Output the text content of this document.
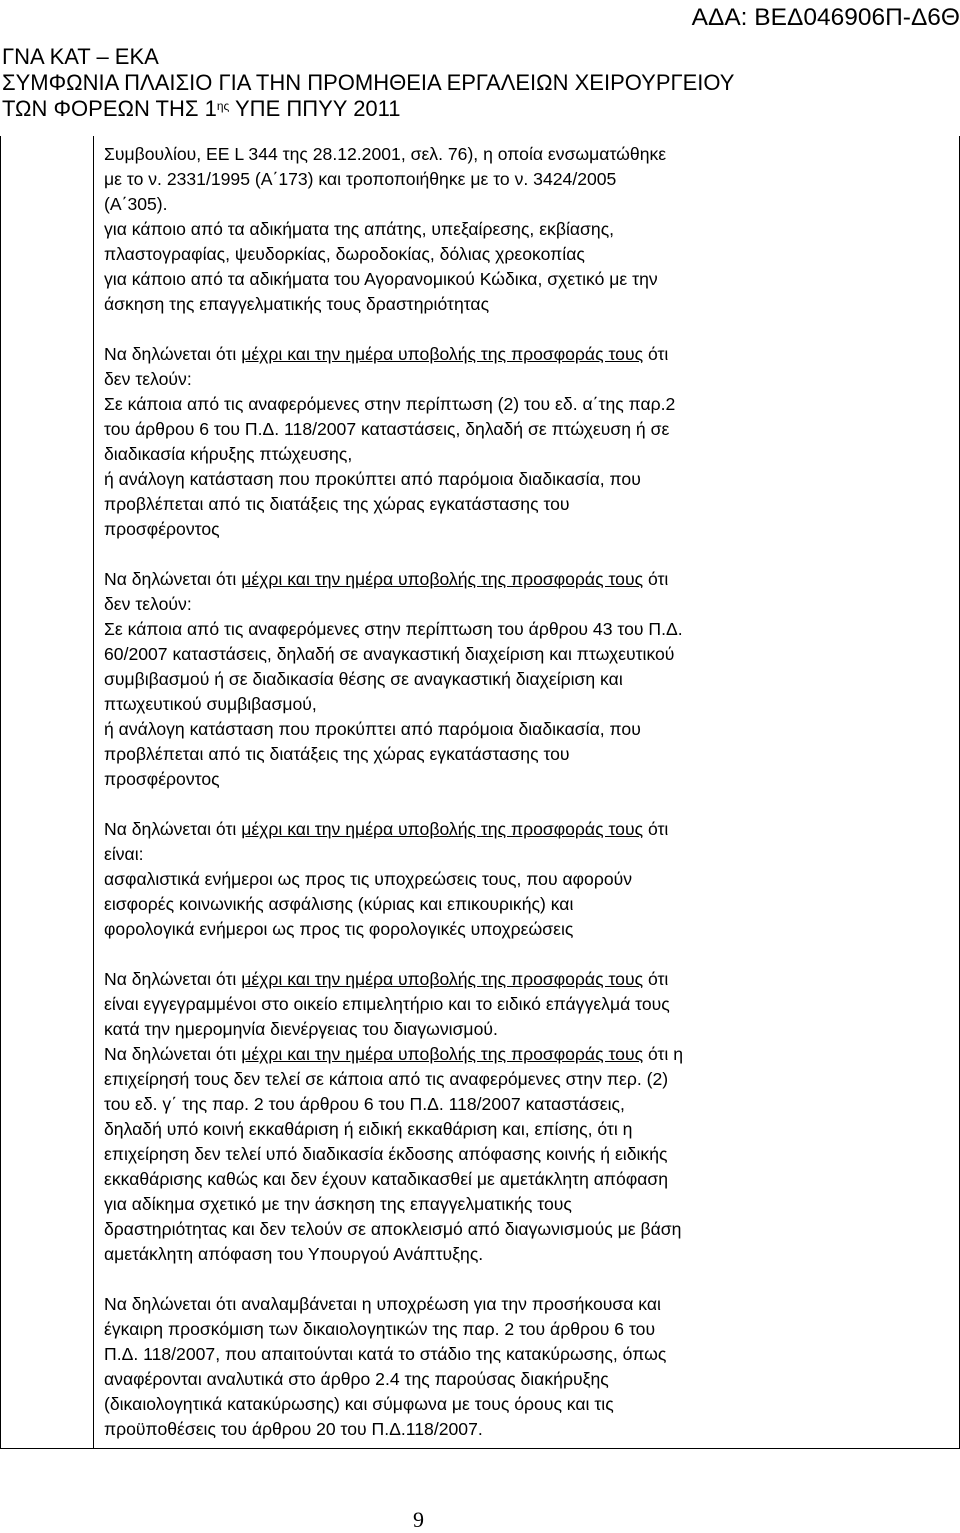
ΑΔΑ: ΒΕΔ046906Π-Δ6Θ
ΓΝΑ ΚΑΤ – ΕΚΑ
ΣΥΜΦΩΝΙΑ ΠΛΑΙΣΙΟ ΓΙΑ ΤΗΝ ΠΡΟΜΗΘΕΙΑ ΕΡΓΑΛΕΙΩΝ ΧΕΙΡΟΥΡΓΕΙΟΥ
ΤΩΝ ΦΟΡΕΩΝ ΤΗΣ $1^{\eta\varsigma}$ ΥΠΕ ΠΠΥΥ 2011

Συμβουλίου, ΕΕ L 344 της 28.12.2001, σελ. 76), η οποία ενσωματώθηκε

με το ν. 2331/1995 (Α΄173) και τροποποιήθηκε με το ν. 3424/2005

(Α΄305).

για κάποιο από τα αδικήματα της απάτης, υπεξαίρεσης, εκβίασης,

πλαστογραφίας, ψευδορκίας, δωροδοκίας, δόλιας χρεοκοπίας

για κάποιο από τα αδικήματα του Αγορανομικού Κώδικα, σχετικό με την

άσκηση της επαγγελματικής τους δραστηριότητας

Να δηλώνεται ότι μέχρι και την ημέρα υποβολής της προσφοράς τους ότι

δεν τελούν:

Σε κάποια από τις αναφερόμενες στην περίπτωση (2) του εδ. α΄της παρ.2

του άρθρου 6 του Π.Δ. 118/2007 καταστάσεις, δηλαδή σε πτώχευση ή σε

διαδικασία κήρυξης πτώχευσης,

ή ανάλογη κατάσταση που προκύπτει από παρόμοια διαδικασία, που

προβλέπεται από τις διατάξεις της χώρας εγκατάστασης του

προσφέροντος

Να δηλώνεται ότι μέχρι και την ημέρα υποβολής της προσφοράς τους ότι

δεν τελούν:

Σε κάποια από τις αναφερόμενες στην περίπτωση του άρθρου 43 του Π.Δ.

60/2007 καταστάσεις, δηλαδή σε αναγκαστική διαχείριση και πτωχευτικού

συμβιβασμού ή σε διαδικασία θέσης σε αναγκαστική διαχείριση και

πτωχευτικού συμβιβασμού,

ή ανάλογη κατάσταση που προκύπτει από παρόμοια διαδικασία, που

προβλέπεται από τις διατάξεις της χώρας εγκατάστασης του

προσφέροντος

Να δηλώνεται ότι μέχρι και την ημέρα υποβολής της προσφοράς τους ότι

είναι:

ασφαλιστικά ενήμεροι ως προς τις υποχρεώσεις τους, που αφορούν

εισφορές κοινωνικής ασφάλισης (κύριας και επικουρικής) και

φορολογικά ενήμεροι ως προς τις φορολογικές υποχρεώσεις

Να δηλώνεται ότι μέχρι και την ημέρα υποβολής της προσφοράς τους ότι

είναι εγγεγραμμένοι στο οικείο επιμελητήριο και το ειδικό επάγγελμά τους

κατά την ημερομηνία διενέργειας του διαγωνισμού.

Να δηλώνεται ότι μέχρι και την ημέρα υποβολής της προσφοράς τους ότι η

επιχείρησή τους δεν τελεί σε κάποια από τις αναφερόμενες στην περ. (2)

του εδ. γ΄ της παρ. 2 του άρθρου 6 του Π.Δ. 118/2007 καταστάσεις,

δηλαδή υπό κοινή εκκαθάριση ή ειδική εκκαθάριση και, επίσης, ότι η

επιχείρηση δεν τελεί υπό διαδικασία έκδοσης απόφασης κοινής ή ειδικής

εκκαθάρισης καθώς και δεν έχουν καταδικασθεί με αμετάκλητη απόφαση

για αδίκημα σχετικό με την άσκηση της επαγγελματικής τους

δραστηριότητας και δεν τελούν σε αποκλεισμό από διαγωνισμούς με βάση

αμετάκλητη απόφαση του Υπουργού Ανάπτυξης.

Να δηλώνεται ότι αναλαμβάνεται η υποχρέωση για την προσήκουσα και

έγκαιρη προσκόμιση των δικαιολογητικών της παρ. 2 του άρθρου 6 του

Π.Δ. 118/2007, που απαιτούνται κατά το στάδιο της κατακύρωσης, όπως

αναφέρονται αναλυτικά στο άρθρο 2.4 της παρούσας διακήρυξης

(δικαιολογητικά κατακύρωσης) και σύμφωνα με τους όρους και τις

προϋποθέσεις του άρθρου 20 του Π.Δ.118/2007.

9
